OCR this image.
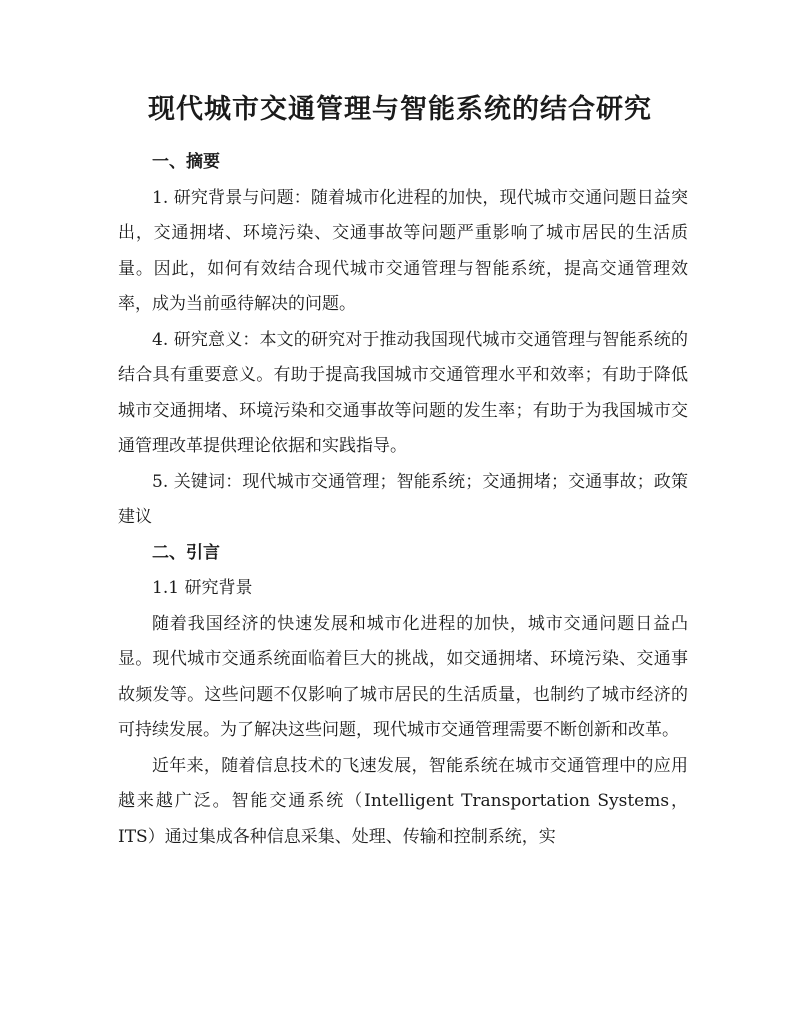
现代城市交通管理与智能系统的结合研究
一、摘要

1. 研究背景与问题：随着城市化进程的加快，现代城市交通问题日益突出，交通拥堵、环境污染、交通事故等问题严重影响了城市居民的生活质量。因此，如何有效结合现代城市交通管理与智能系统，提高交通管理效率，成为当前亟待解决的问题。

4. 研究意义：本文的研究对于推动我国现代城市交通管理与智能系统的结合具有重要意义。有助于提高我国城市交通管理水平和效率；有助于降低城市交通拥堵、环境污染和交通事故等问题的发生率；有助于为我国城市交通管理改革提供理论依据和实践指导。

5. 关键词：现代城市交通管理；智能系统；交通拥堵；交通事故；政策建议

二、引言

1.1 研究背景

随着我国经济的快速发展和城市化进程的加快，城市交通问题日益凸显。现代城市交通系统面临着巨大的挑战，如交通拥堵、环境污染、交通事故频发等。这些问题不仅影响了城市居民的生活质量，也制约了城市经济的可持续发展。为了解决这些问题，现代城市交通管理需要不断创新和改革。

近年来，随着信息技术的飞速发展，智能系统在城市交通管理中的应用越来越广泛。智能交通系统（Intelligent Transportation Systems，ITS）通过集成各种信息采集、处理、传输和控制系统，实
